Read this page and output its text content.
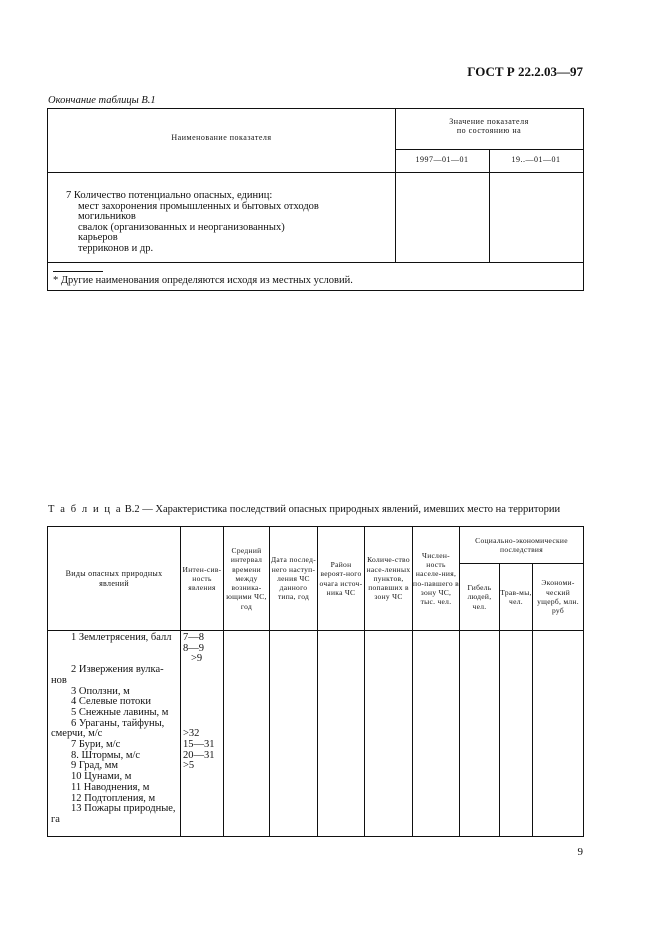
ГОСТ Р 22.2.03—97
Окончание таблицы В.1
Наименование показателя
Значение показателя
по состоянию на
1997—01—01	19..—01—01
7 Количество потенциально опасных, единиц:
мест захоронения промышленных и бытовых отходов
могильников
свалок (организованных и неорганизованных)
карьеров
терриконов и др.
* Другие наименования определяются исходя из местных условий.
Т а б л и ц а В.2 — Характеристика последствий опасных природных явлений, имевших место на территории
Виды опасных природных явлений
Интен-сив-ность явления
Средний интервал времени между возника-ющими ЧС, год
Дата послед-него наступ-ления ЧС данного типа, год
Район вероят-ного очага источ-ника ЧС
Количе-ство насе-ленных пунктов, попавших в зону ЧС
Числен-ность населе-ния, по-павшего в зону ЧС, тыс. чел.
Социально-экономические последствия
Гибель людей, чел.
Трав-мы, чел.
Экономи-ческий ущерб, млн. руб
1 Землетрясения, балл

2 Извержения вулка-
нов
3 Оползни, м
4 Селевые потоки
5 Снежные лавины, м
6 Ураганы, тайфуны,
смерчи, м/с
7 Бури, м/с
8. Штормы, м/с
9 Град, мм
10 Цунами, м
11 Наводнения, м
12 Подтопления, м
13 Пожары природные,
га
7—8
8—9
>9
>32
15—31
20—31
>5
9
